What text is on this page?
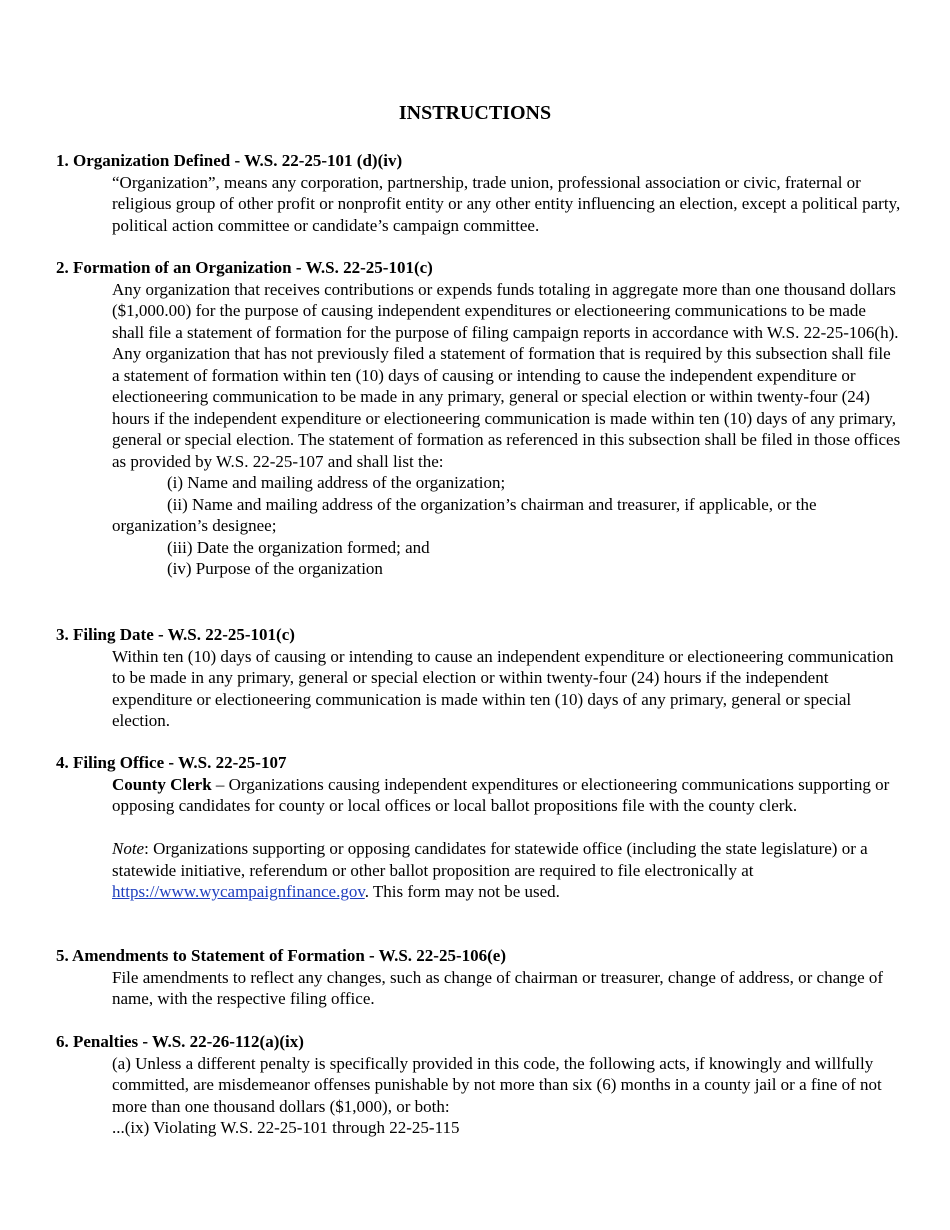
INSTRUCTIONS

1. Organization Defined - W.S. 22-25-101 (d)(iv)

“Organization”, means any corporation, partnership, trade union, professional association or civic, fraternal or religious group of other profit or nonprofit entity or any other entity influencing an election, except a political party, political action committee or candidate’s campaign committee.

2. Formation of an Organization - W.S. 22-25-101(c)

Any organization that receives contributions or expends funds totaling in aggregate more than one thousand dollars ($1,000.00) for the purpose of causing independent expenditures or electioneering communications to be made shall file a statement of formation for the purpose of filing campaign reports in accordance with W.S. 22-25-106(h). Any organization that has not previously filed a statement of formation that is required by this subsection shall file a statement of formation within ten (10) days of causing or intending to cause the independent expenditure or electioneering communication to be made in any primary, general or special election or within twenty-four (24) hours if the independent expenditure or electioneering communication is made within ten (10) days of any primary, general or special election. The statement of formation as referenced in this subsection shall be filed in those offices as provided by W.S. 22-25-107 and shall list the:

(i) Name and mailing address of the organization;

(ii) Name and mailing address of the organization’s chairman and treasurer, if applicable, or the organization’s designee;

(iii) Date the organization formed; and

(iv) Purpose of the organization

3. Filing Date - W.S. 22-25-101(c)

Within ten (10) days of causing or intending to cause an independent expenditure or electioneering communication to be made in any primary, general or special election or within twenty-four (24) hours if the independent expenditure or electioneering communication is made within ten (10) days of any primary, general or special election.

4. Filing Office - W.S. 22-25-107

County Clerk – Organizations causing independent expenditures or electioneering communications supporting or opposing candidates for county or local offices or local ballot propositions file with the county clerk.

Note: Organizations supporting or opposing candidates for statewide office (including the state legislature) or a statewide initiative, referendum or other ballot proposition are required to file electronically at https://www.wycampaignfinance.gov. This form may not be used.

5. Amendments to Statement of Formation - W.S. 22-25-106(e)

File amendments to reflect any changes, such as change of chairman or treasurer, change of address, or change of name, with the respective filing office.

6. Penalties - W.S. 22-26-112(a)(ix)

(a) Unless a different penalty is specifically provided in this code, the following acts, if knowingly and willfully committed, are misdemeanor offenses punishable by not more than six (6) months in a county jail or a fine of not more than one thousand dollars ($1,000), or both:

...(ix) Violating W.S. 22-25-101 through 22-25-115
